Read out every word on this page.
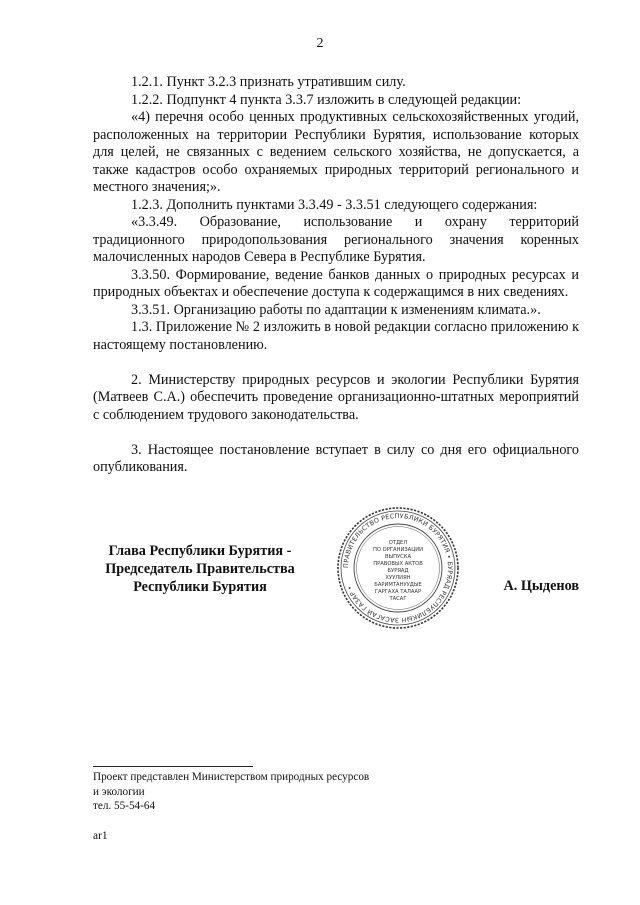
2

1.2.1. Пункт 3.2.3 признать утратившим силу.

1.2.2. Подпункт 4 пункта 3.3.7 изложить в следующей редакции:

«4) перечня особо ценных продуктивных сельскохозяйственных угодий, расположенных на территории Республики Бурятия, использование которых для целей, не связанных с ведением сельского хозяйства, не допускается, а также кадастров особо охраняемых природных территорий регионального и местного значения;».

1.2.3. Дополнить пунктами 3.3.49 - 3.3.51 следующего содержания:

«3.3.49. Образование, использование и охрану территорий традиционного природопользования регионального значения коренных малочисленных народов Севера в Республике Бурятия.

3.3.50. Формирование, ведение банков данных о природных ресурсах и природных объектах и обеспечение доступа к содержащимся в них сведениях.

3.3.51. Организацию работы по адаптации к изменениям климата.».

1.3. Приложение № 2 изложить в новой редакции согласно приложению к настоящему постановлению.

2. Министерству природных ресурсов и экологии Республики Бурятия (Матвеев С.А.) обеспечить проведение организационно-штатных мероприятий с соблюдением трудового законодательства.

3. Настоящее постановление вступает в силу со дня его официального опубликования.

Глава Республики Бурятия -
Председатель Правительства
Республики Бурятия
ПРАВИТЕЛЬСТВО РЕСПУБЛИКИ БУРЯТИЯ • БУРЯАД РЕСПУБЛИКЫН ЗАСАГАЙ ГАЗАР •
ОТДЕЛ
ПО ОРГАНИЗАЦИИ
ВЫПУСКА
ПРАВОВЫХ АКТОВ
БУРЯАД
ХУУЛИЯН
БАРИМТАНУУДЫЕ
ГАРГАХА ТАЛААР
ТАСАГ
А. Цыденов
Проект представлен Министерством природных ресурсов
и экологии
тел. 55-54-64
ar1
